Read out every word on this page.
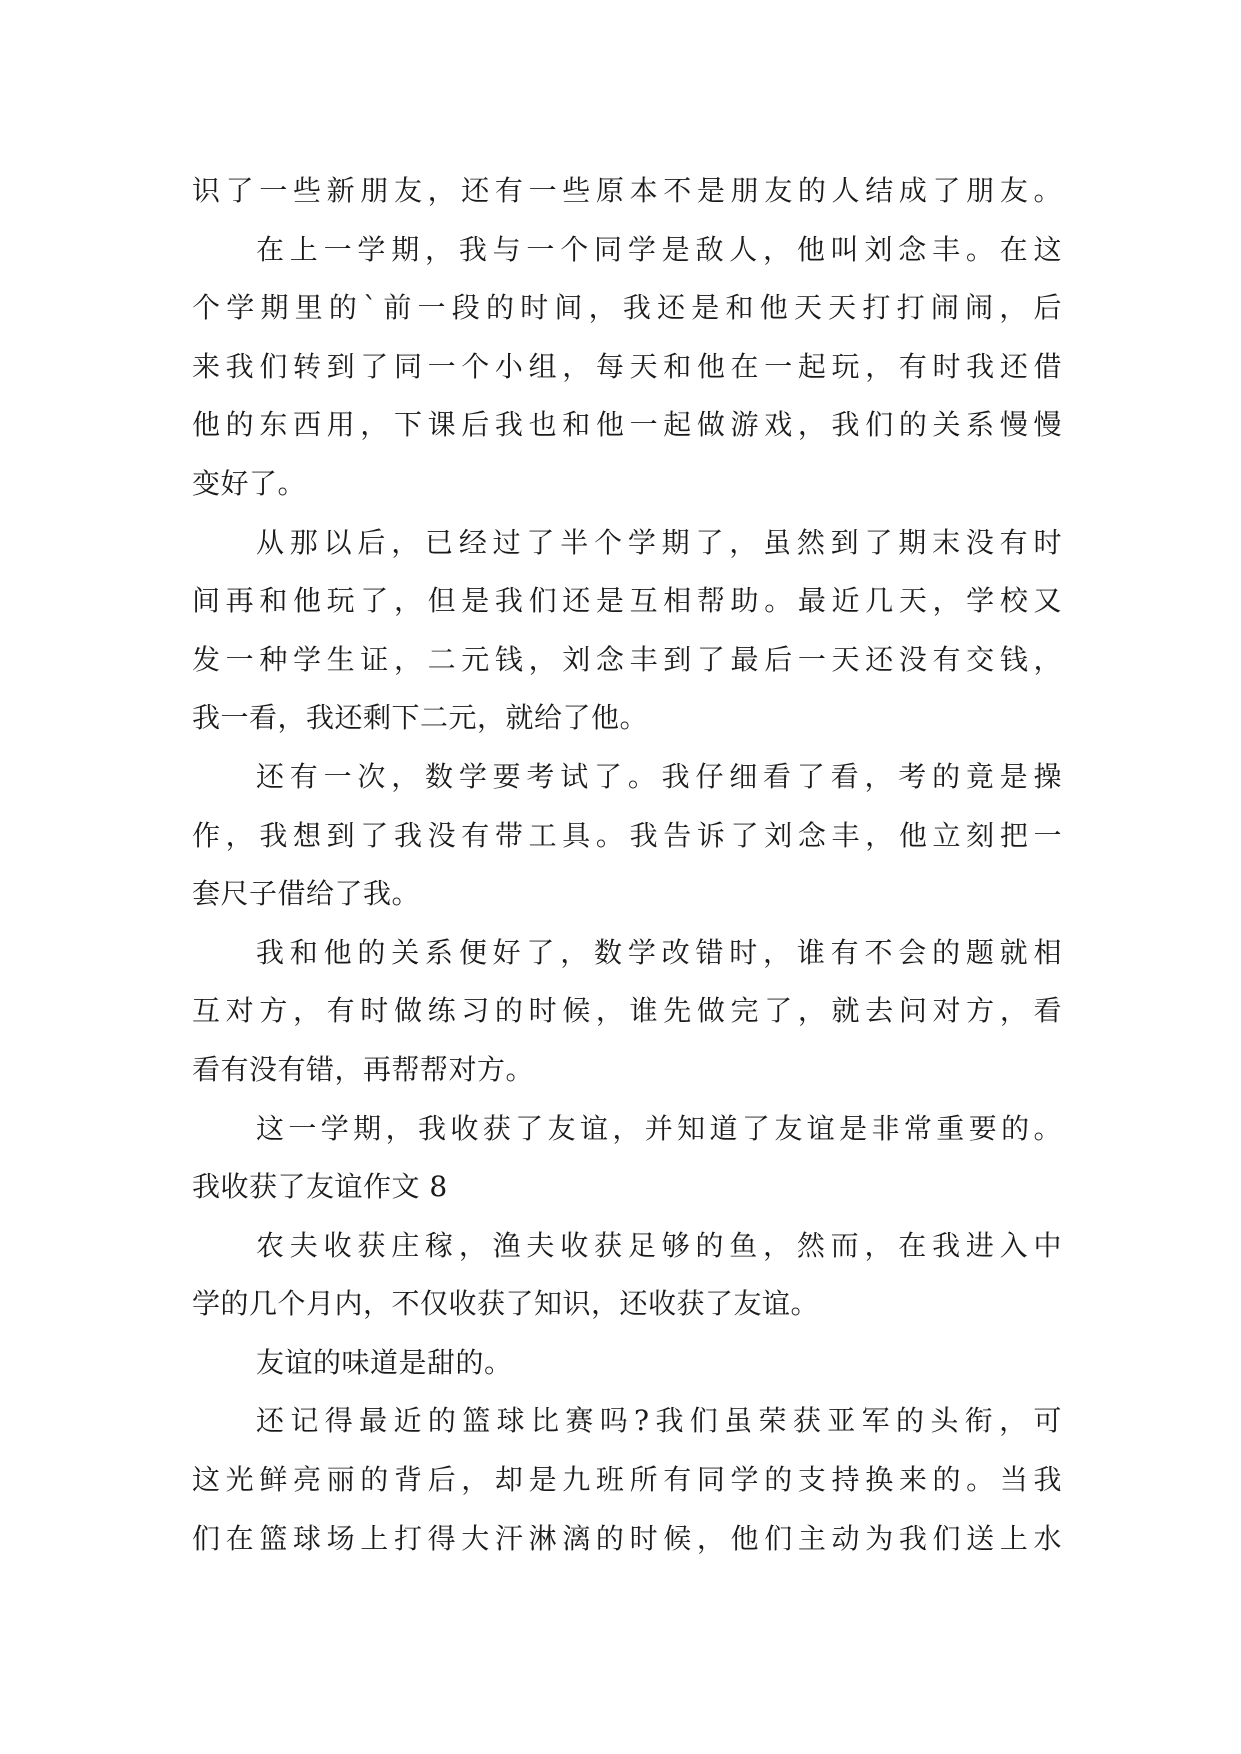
识了一些新朋友，还有一些原本不是朋友的人结成了朋友。
在上一学期，我与一个同学是敌人，他叫刘念丰。在这
个学期里的`前一段的时间，我还是和他天天打打闹闹，后
来我们转到了同一个小组，每天和他在一起玩，有时我还借
他的东西用，下课后我也和他一起做游戏，我们的关系慢慢
变好了。
从那以后，已经过了半个学期了，虽然到了期末没有时
间再和他玩了，但是我们还是互相帮助。最近几天，学校又
发一种学生证，二元钱，刘念丰到了最后一天还没有交钱，
我一看，我还剩下二元，就给了他。
还有一次，数学要考试了。我仔细看了看，考的竟是操
作，我想到了我没有带工具。我告诉了刘念丰，他立刻把一
套尺子借给了我。
我和他的关系便好了，数学改错时，谁有不会的题就相
互对方，有时做练习的时候，谁先做完了，就去问对方，看
看有没有错，再帮帮对方。
这一学期，我收获了友谊，并知道了友谊是非常重要的。
我收获了友谊作文 8
农夫收获庄稼，渔夫收获足够的鱼，然而，在我进入中
学的几个月内，不仅收获了知识，还收获了友谊。
友谊的味道是甜的。
还记得最近的篮球比赛吗?我们虽荣获亚军的头衔，可
这光鲜亮丽的背后，却是九班所有同学的支持换来的。当我
们在篮球场上打得大汗淋漓的时候，他们主动为我们送上水
